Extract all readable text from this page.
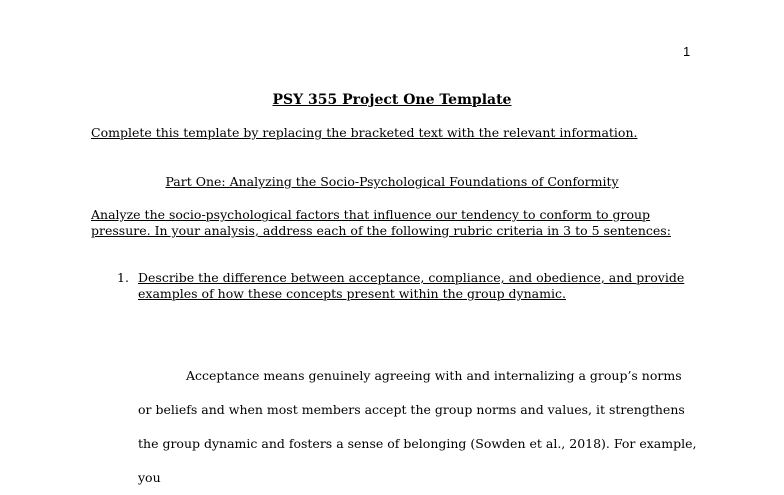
1
PSY 355 Project One Template

Complete this template by replacing the bracketed text with the relevant information.

Part One: Analyzing the Socio-Psychological Foundations of Conformity

Analyze the socio-psychological factors that influence our tendency to conform to group pressure. In your analysis, address each of the following rubric criteria in 3 to 5 sentences:

1. Describe the difference between acceptance, compliance, and obedience, and provide examples of how these concepts present within the group dynamic.

Acceptance means genuinely agreeing with and internalizing a group’s norms or beliefs and when most members accept the group norms and values, it strengthens the group dynamic and fosters a sense of belonging (Sowden et al., 2018). For example, you
